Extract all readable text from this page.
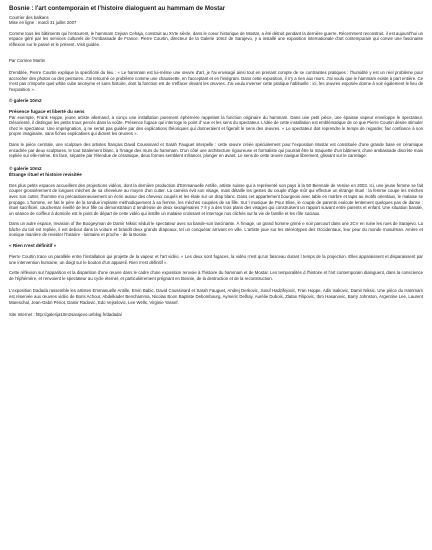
Bosnie : l'art contemporain et l'histoire dialoguent au hammam de Mostar
Courrier des balkans
Mise en ligne : mardi 31 juillet 2007

Comme tous les bâtiments qui l'entourent, le hammam Cejvan Cehaja, construit au XVIe siècle, dans le coeur historique de Mostar, a été détruit pendant la dernière guerre. Récemment reconstruit, il est aujourd'hui un espace géré par les services culturels de l'Ambassade de France. Pierre Courtin, directeur de la Galerie 10m2 de Sarajevo, y a installé une exposition internationale d'art contemporain qui convie une fascinante réflexion sur le passé et le présent. Visit guidée.

Par Corinne Martin

D'emblée, Pierre Courtin explique la spécificité du lieu : « Le hammam est lui-même une œuvre d'art, je l'ai envisagé ainsi tout en prenant compte de se contraintes pratiques : l'humidité y est un réel problème pour accrocher des photos ou des peintures. J'ai retourné ce problème comme une chaussette, en l'acceptant et en l'intégrant. Dans cette exposition, il n'y a rien aux murs. J'ai voulu que le hammam existe à part entière. Ce n'est pas n'importe quel white cube anonyme et sans histoire, dont la fonction est de s'effacer devant les œuvres. J'ai voulu inverser cette pratique habituelle : ici, les œuvres exposée donne à voir également le lieu de l'exposition ».

© galerie 10m2
Présence fugace et liberté du sens

Par exemple, Frank Hoppe, jeune artiste allemand, a conçu une installation purement éphémère rappelant la fonction originaire du hammam. Dans une petit pièce, une épaisse vapeur enveloppe le spectateur. Désorienté, il distingue les petits trous percés dans la voûte. Présence fugace qui interroge le point d' vue et les sens du spectateur. L'idée de cette installation est emblématique de ce que Pierre Courtin désire stimuler chez le spectateur. Une imprégnation, q ne serait pas guidée par des explications théoriques qui donneraient et figeraît le sens des œuvres. « Le spectateur doit reprendre le temps de regarder, fair confiance à son propre imaginaire, sans fiches explicatives qui dictent les œuvres ».

Dans le pièce centrale, une sculpture des artistes français David Coussinard et Sarah Fauguet interpelle : cette œuvre créée spécialement pour l'exposition Mostar est constituée d'une grande base en céramique encadrée par deux sculptures, le tout totalement blanc, à l'image des murs du hammam. D'un côté une architecture rigoureuse et formaliste qui pourrait être la maquette d'un bâtiment, d'une ambassade discrète mais repliée sur elle-même. En face, séparée par l'étendue de céramique, deux formes semblent s'élancer, plonger en avant. Le sens de cette œuvre navigue librement, glissant sur le carrelage.

© galerie 10m2
Étrange rituel et histoire revisitée

Des plus petits espaces accueillent des projections vidéos, dont la dernière production d'Emmanuelle Antille, artiste suisse qui a représenté son pays à la 50 Biennale de Venise en 2003. Ici, une jeune femme se fait couper grossièrement de longues mèches de sa chevelure au moyen d'un cutter. La caméra évit son visage, mais détaille les gestes du couple d'âge mûr qui effectue un étrange rituel : la femme coupe les mèches avec son cutter, l'homme mo précautionneusement un écrin autour des cheveux coupés et les étale sur un drap blanc. Dans cet appartement bourgeois avec table en marbre et tapis au motifs orientaux, le malaise se propage. L'homme, en fait le père de la tondue implante méthodiquement à sa femme, les mèches coupées de sa fille. Sur l musique de Pour Elise, le couple de parents exécute lentement quelques pas de danse : rituel sacrificiel, cauchemar éveillé de leur fille ou démonstration d tendresse de deux sexagénaires ? Il y a des trois plans des visages qui construisent un rapport suivant entre parents et enfant. Une situation banale, un séance de coiffeur à domicile est le point de départ de cette vidéo qui instille un malaise croissant et interroge nos clichés sur la vie de famille et les rôle sociaux.

Dans un autre espace, Invasion of the Boogeyman de Damir Niksic séduit le spectateur avec sa bande-son lancinante. À l'image, un grand homme grimé e noir parcourt dans une 2CV en ruine les rues de Sarajevo. La bâche du toit est repliée, il est debout dans la voiture et brandit deux grands drapeaux, tel un conquérar arrivant en ville. L'artiste joue sur les stéréotypes des Occidentaux, leur peur du monde musulman. Amère et ironique manière de revisiter l'histoire - lointaine et proche - de la Bosnie.

« Rien n'est définitif »

Pierre Courtin trace un parallèle entre l'installation qui projette de la vapeur et l'art vidéo. « Les deux sont fugaces, la vidéo n'est qu'un faisceau durant l temps de la projection. Elles apparaissent et disparaissent par une intervention humaine, un doigt sur le bouton d'un appareil. Rien n'est définitif ».

Cette réflexion sur l'apparition et la disparition d'une œuvre dans le cadre d'une exposition renvoie à l'histoire du hammam et de Mostar. Les temporalités d l'histoire et l'art contemporain dialoguent, dans la conscience de l'éphémère, et renvoient le spectateur au cycle éternel, et particulièrement prégnant en Bosnie, de la destruction et de la reconstruction.

L'exposition Dadada rassemble les artistes Emmanuelle Antille, Ervin Babic, David Coussinard et Sarah Fauguet, Andrej Derkovic, Jusuf Hadzifejovic, Fran Hoppe, Adis Isakovic, Damir Niksic. Une pièce du Hammam est réservée aux œuvres vidéo de Boris Achour, Abdelkader Benchamma, Nicolas Boon Baptiste Debombourg, Aymeric Delhay, Aurélie Dubois, Zlatan Filipovic, Ibro Hasanovic, Barry Johnston, Argentine Lee, Laurent Mareschal, Jean-Gabri Périot, Damir Radovic, Edo Vejselovic, Lee Wells, Virginie Yassef.

Site Internet : http://galerija10m2sarajevo.unblog.fr/dadada/
